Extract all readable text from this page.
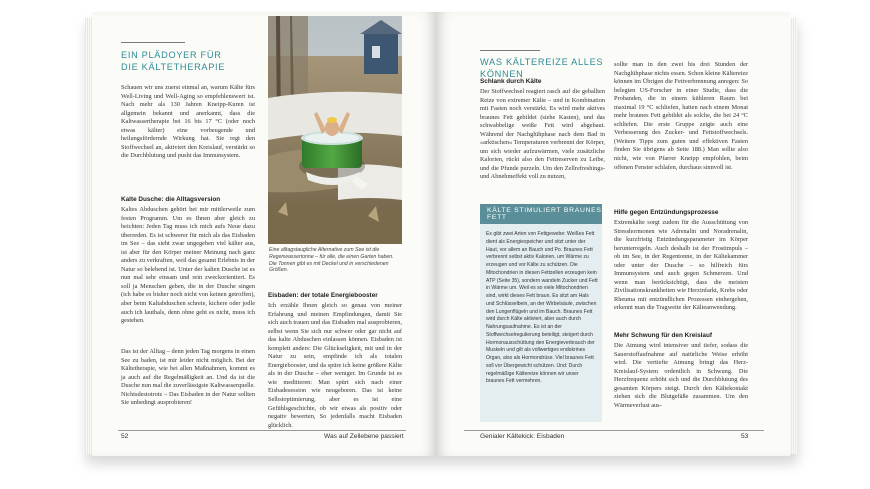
EIN PLÄDOYER FÜR DIE KÄLTETHERAPIE

Schauen wir uns zuerst einmal an, warum Kälte fürs Well-Living und Well-Aging so empfehlenswert ist. Nach mehr als 130 Jahren Kneipp-Kuren ist allgemein bekannt und anerkannt, dass die Kaltwassertherapie bei 16 bis 17 °C (oder noch etwas kälter) eine vorbeugende und heilungsfördernde Wirkung hat. Sie regt den Stoffwechsel an, aktiviert den Kreislauf, verstärkt so die Durchblutung und pusht das Immunsystem.

Kalte Dusche: die Alltagsversion

Kaltes Abduschen gehört bei mir mittlerweile zum festen Programm. Um es Ihnen aber gleich zu beichten: Jeden Tag muss ich mich aufs Neue dazu überreden. Es ist schwerer für mich als das Eisbaden im See – das sieht zwar ungegeben viel kälter aus, ist aber für den Körper meiner Meinung nach ganz anders zu verkraften, weil das gesamt Erlebnis in der Natur so belebend ist. Unter der kalten Dusche ist es nun mal sehr einsam und rein zweckorientiert. Es soll ja Menschen geben, die in der Dusche singen (ich habe es bisher noch nicht von keinen getroffen), aber beim Kaltabduschen schreie, kichere oder jodle auch ich lauthals, denn ohne geht es nicht, muss ich gestehen.

Das ist der Alltag – denn jeden Tag morgens in einen See zu baden, ist mir leider nicht möglich. Bei der Kältetherapie, wie bei allen Maßnahmen, kommt es ja auch auf die Regelmäßigkeit an. Und da ist die Dusche nun mal die zuverlässigste Kaltwasserquelle. Nichtsdestotrotz – Das Eisbaden in der Natur sollten Sie unbedingt ausprobieren!

Eine alltagstaugliche Alternative zum See ist die Regenwassertonne – für alle, die einen Garten haben. Die Tonnen gibt es mit Deckel und in verschiedenen Größen.

Eisbaden: der totale Energiebooster

Ich erzähle Ihnen gleich so genau von meiner Erfahrung und meinen Empfindungen, damit Sie sich auch trauen und das Eisbaden mal ausprobieren, selbst wenn Sie sich nur schwer oder gar nicht auf das kalte Abduschen einlassen können. Eisbaden ist komplett anders: Die Glückseligkeit, mit und in der Natur zu sein, empfinde ich als totalen Energiebooster, und da spüre ich keine größere Kälte als in der Dusche – eher weniger. Im Grunde ist es wie meditieren: Man spürt sich nach einer Eisbadesession wie neugeboren. Das ist keine Selbstoptimierung, aber es ist eine Gefühlsgeschichte, ob wir etwas als positiv oder negativ bewerten, So jedenfalls macht Eisbaden glücklich.

52	Was auf Zellebene passiert

WAS KÄLTEREIZE ALLES KÖNNEN

Schlank durch Kälte

Der Stoffwechsel reagiert rasch auf die geballten Reize von extremer Kälte – und in Kombination mit Fasten noch verstärkt. Es wird mehr aktives braunes Fett gebildet (siehe Kasten), und das schwabbelige weiße Fett wird abgebaut. Während der Nachglühphase nach dem Bad in »arktischen« Temperaturen verbrennt der Körper, um sich wieder aufzuwärmen, viele zusätzliche Kalorien, rückt also den Fettreserven zu Leibe, und die Pfunde purzeln. Um den Zellrefreshings- und Abnehmeffekt voll zu nutzen,

KÄLTE STIMULIERT BRAUNES FETT

Es gibt zwei Arten von Fettgewebe: Weißes Fett dient als Energiespeicher und sitzt unter der Haut, vor allem an Bauch und Po. Braunes Fett verbrennt selbst aktiv Kalorien, um Wärme zu erzeugen und vor Kälte zu schützen. Die Mitochondrien in diesen Fettzellen erzeugen kein ATP (Seite 35), sondern wandeln Zucker und Fett in Wärme um. Weil es so viele Mitochondrien sind, wirkt dieses Fett braun. Es sitzt am Hals und Schlüsselbein, an der Wirbelsäule, zwischen den Lungenflügeln und im Bauch. Braunes Fett wird durch Kälte aktiviert, aber auch durch Nahrungsaufnahme. Es ist an der Stoffwechselregulierung beteiligt, steigert durch Hormonausschüttung den Energieverbrauch der Muskeln und gilt als vollwertiges endokrines Organ, also als Hormondrüse. Viel braunes Fett soll vor Übergewicht schützen. Und: Durch regelmäßige Kältereize können wir unser braunes Fett vermehren.

sollte man in den zwei bis drei Stunden der Nachglühphase nichts essen. Schon kleine Kältereize können im Übrigen die Fettverbrennung anregen: So belegten US-Forscher in einer Studie, dass die Probanden, die in einem kühleren Raum bei maximal 19 °C schliefen, hatten nach einem Monat mehr braunes Fett gebildet als solche, die bei 24 °C schliefen. Die erste Gruppe zeigte auch eine Verbesserung des Zucker- und Fettstoffwechsels. (Weitere Tipps zum guten und effektiven Fasten finden Sie übrigens ab Seite 188.) Man sollte also nicht, wie von Pfarrer Kneipp empfohlen, beim offenen Fenster schlafen, durchaus sinnvoll ist.

Hilfe gegen Entzündungsprozesse

Extremkälte sorgt zudem für die Ausschüttung von Stresshormonen wie Adrenalin und Noradrenalin, die kurzfristig Entzündungsparameter im Körper herunterregeln. Auch deshalb ist der Frostimpuls – ob im See, in der Regentonne, in der Kältekammer oder unter der Dusche – so hilfreich fürs Immunsystem und auch gegen Schmerzen. Und wenn man berücksichtigt, dass die meisten Zivilisationskrankheiten wie Herzinfarkt, Krebs oder Rheuma mit entzündlichen Prozessen einhergehen, erkennt man die Tragweite der Kälteanwendung.

Mehr Schwung für den Kreislauf

Die Atmung wird intensiver und tiefer, sodass die Sauerstoffaufnahme auf natürliche Weise erhöht wird. Die vertiefte Atmung bringt das Herz-Kreislauf-System ordentlich in Schwung. Die Herzfrequenz erhöht sich und die Durchblutung des gesamten Körpers steigt. Durch den Kältekontakt ziehen sich die Blutgefäße zusammen. Um den Wärmeverlust aus-

Genialer Kältekick: Eisbaden	53
